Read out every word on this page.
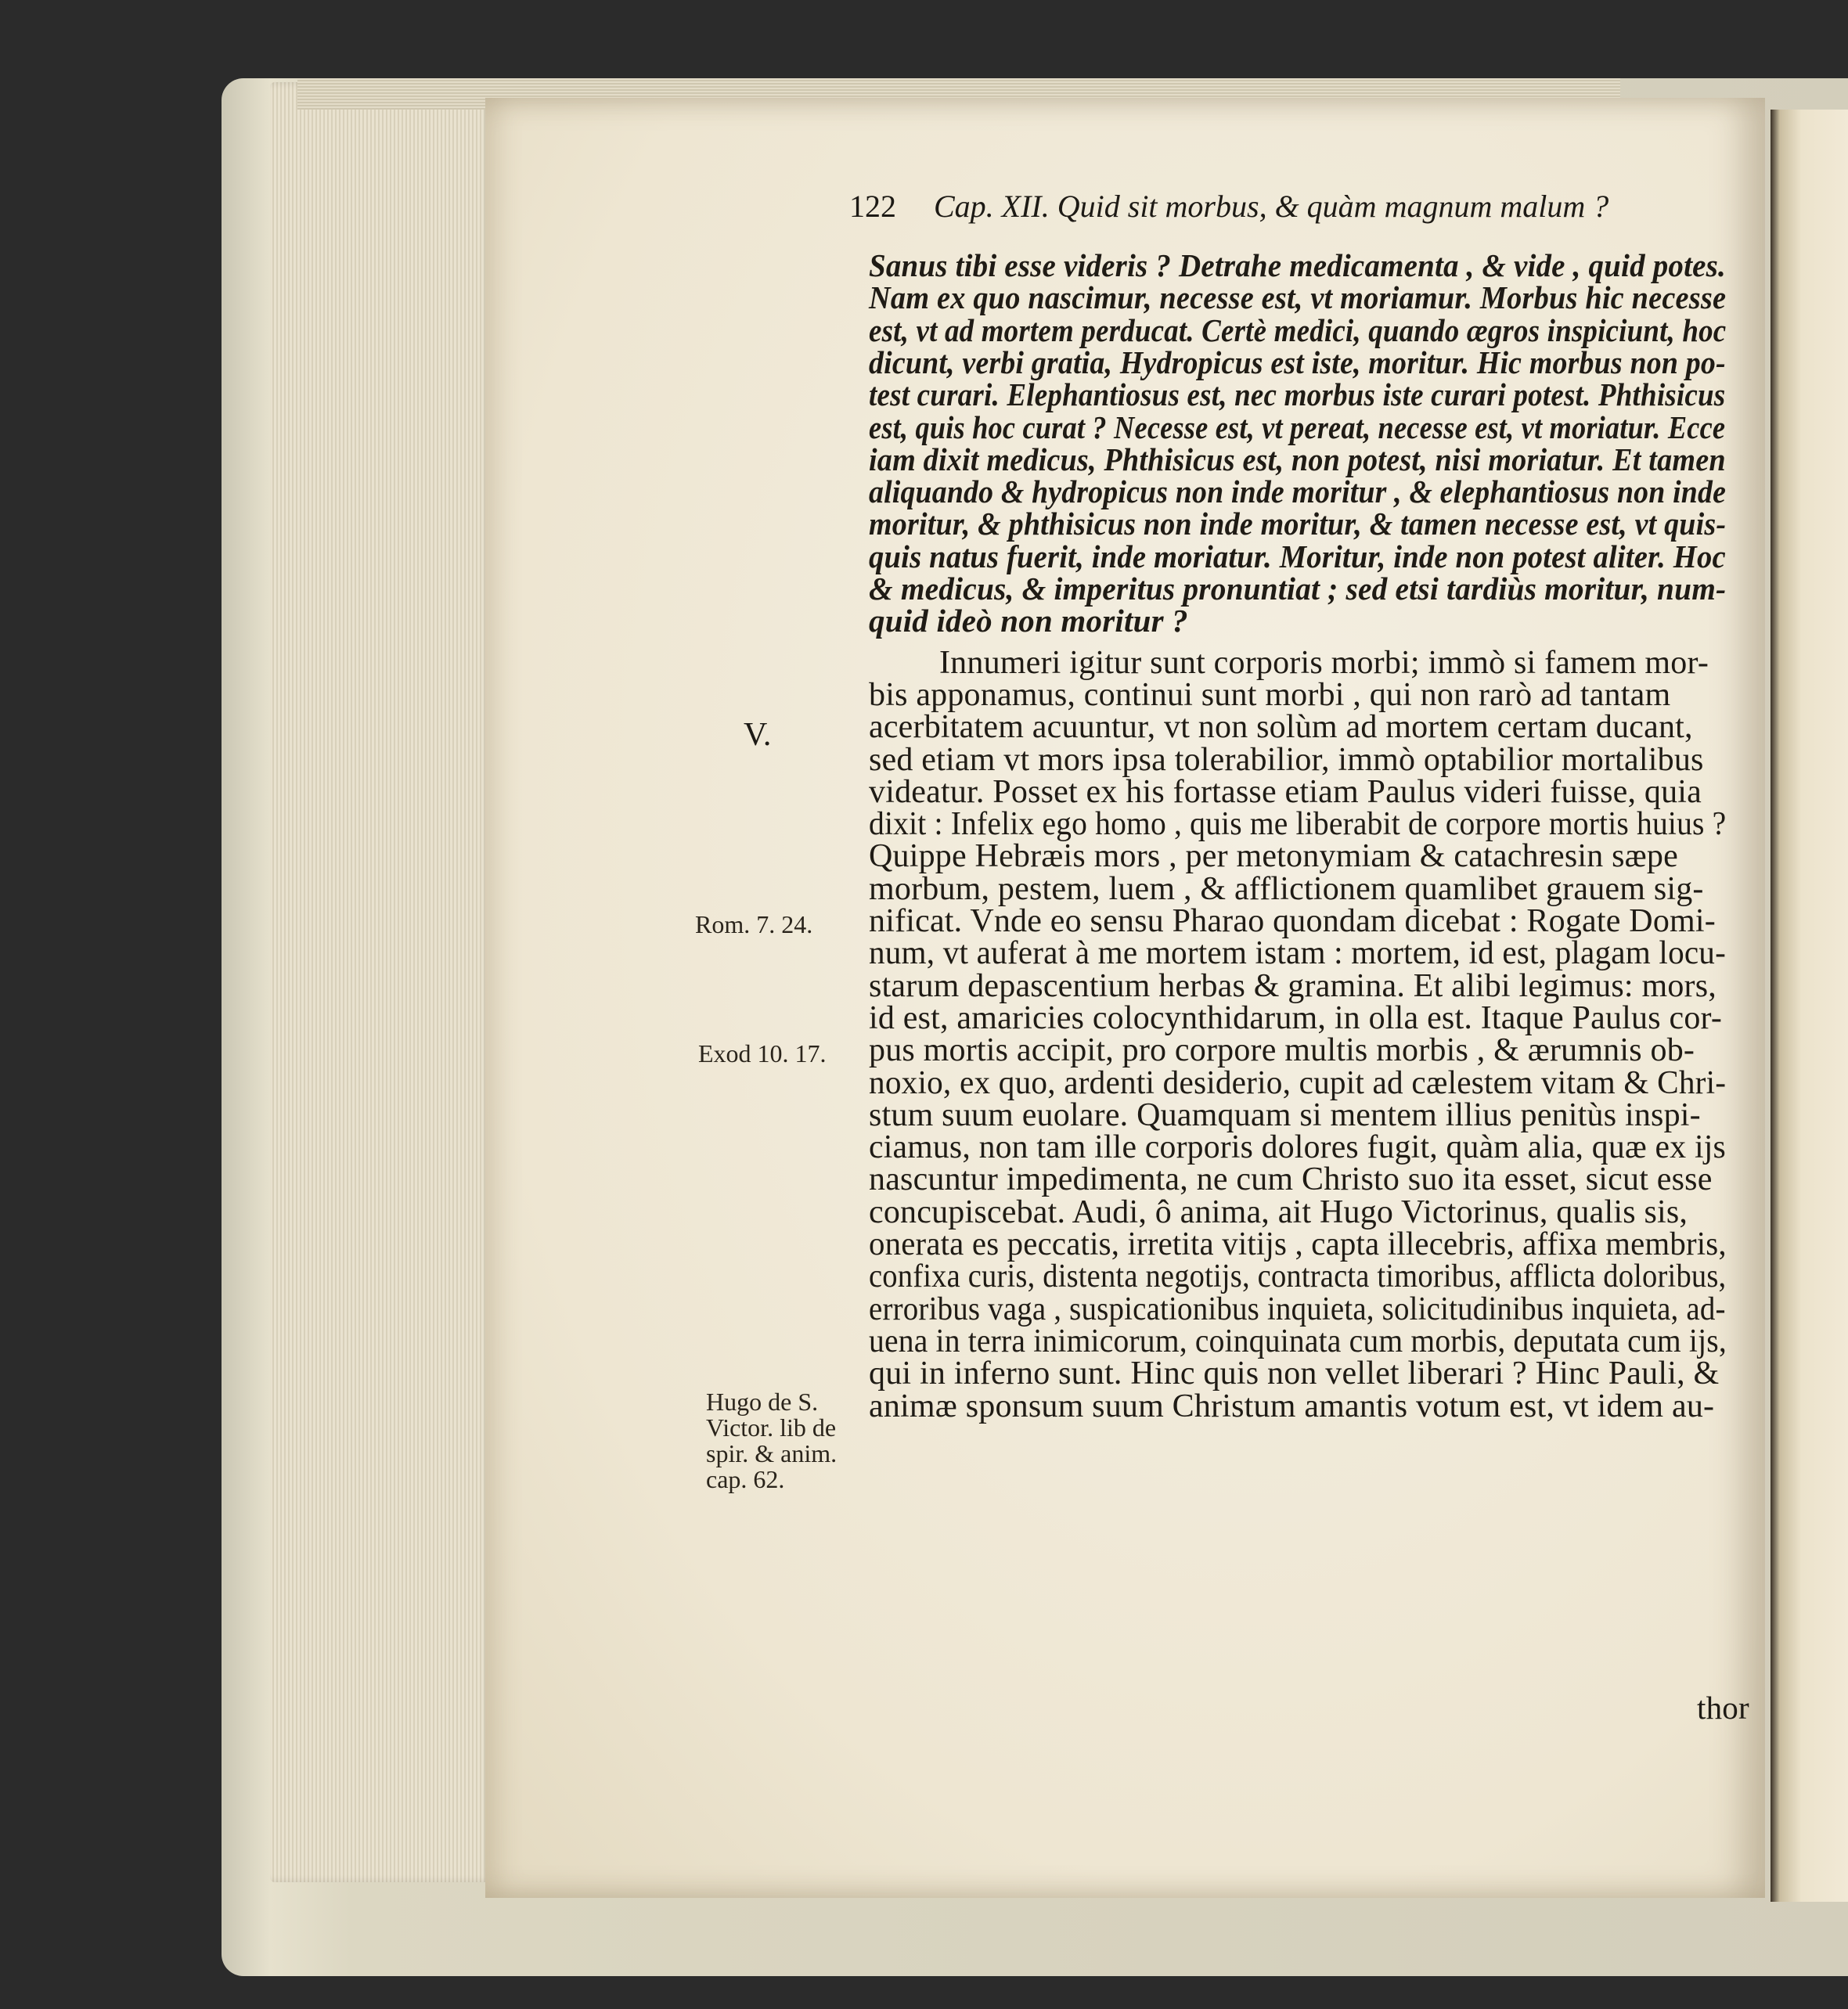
122 Cap. XII. Quid sit morbus, & quàm magnum malum ?
V.
Rom. 7. 24.
Exod 10. 17.
Hugo de S.
Victor. lib de
spir. & anim.
cap. 62.
Sanus tibi esse videris ? Detrahe medicamenta , & vide , quid potes.
Nam ex quo nascimur, necesse est, vt moriamur. Morbus hic necesse
est, vt ad mortem perducat. Certè medici, quando ægros inspiciunt, hoc
dicunt, verbi gratia, Hydropicus est iste, moritur. Hic morbus non po-
test curari. Elephantiosus est, nec morbus iste curari potest. Phthisicus
est, quis hoc curat ? Necesse est, vt pereat, necesse est, vt moriatur. Ecce
iam dixit medicus, Phthisicus est, non potest, nisi moriatur. Et tamen
aliquando & hydropicus non inde moritur , & elephantiosus non inde
moritur, & phthisicus non inde moritur, & tamen necesse est, vt quis-
quis natus fuerit, inde moriatur. Moritur, inde non potest aliter. Hoc
& medicus, & imperitus pronuntiat ; sed etsi tardiùs moritur, num-
quid ideò non moritur ?
Innumeri igitur sunt corporis morbi; immò si famem mor-
bis apponamus, continui sunt morbi , qui non rarò ad tantam
acerbitatem acuuntur, vt non solùm ad mortem certam ducant,
sed etiam vt mors ipsa tolerabilior, immò optabilior mortalibus
videatur. Posset ex his fortasse etiam Paulus videri fuisse, quia
dixit : Infelix ego homo , quis me liberabit de corpore mortis huius ?
Quippe Hebræis mors , per metonymiam & catachresin sæpe
morbum, pestem, luem , & afflictionem quamlibet grauem sig-
nificat. Vnde eo sensu Pharao quondam dicebat : Rogate Domi-
num, vt auferat à me mortem istam : mortem, id est, plagam locu-
starum depascentium herbas & gramina. Et alibi legimus: mors,
id est, amaricies colocynthidarum, in olla est. Itaque Paulus cor-
pus mortis accipit, pro corpore multis morbis , & ærumnis ob-
noxio, ex quo, ardenti desiderio, cupit ad cælestem vitam & Chri-
stum suum euolare. Quamquam si mentem illius penitùs inspi-
ciamus, non tam ille corporis dolores fugit, quàm alia, quæ ex ijs
nascuntur impedimenta, ne cum Christo suo ita esset, sicut esse
concupiscebat. Audi, ô anima, ait Hugo Victorinus, qualis sis,
onerata es peccatis, irretita vitijs , capta illecebris, affixa membris,
confixa curis, distenta negotijs, contracta timoribus, afflicta doloribus,
erroribus vaga , suspicationibus inquieta, solicitudinibus inquieta, ad-
uena in terra inimicorum, coinquinata cum morbis, deputata cum ijs,
qui in inferno sunt. Hinc quis non vellet liberari ? Hinc Pauli, &
animæ sponsum suum Christum amantis votum est, vt idem au-
thor
